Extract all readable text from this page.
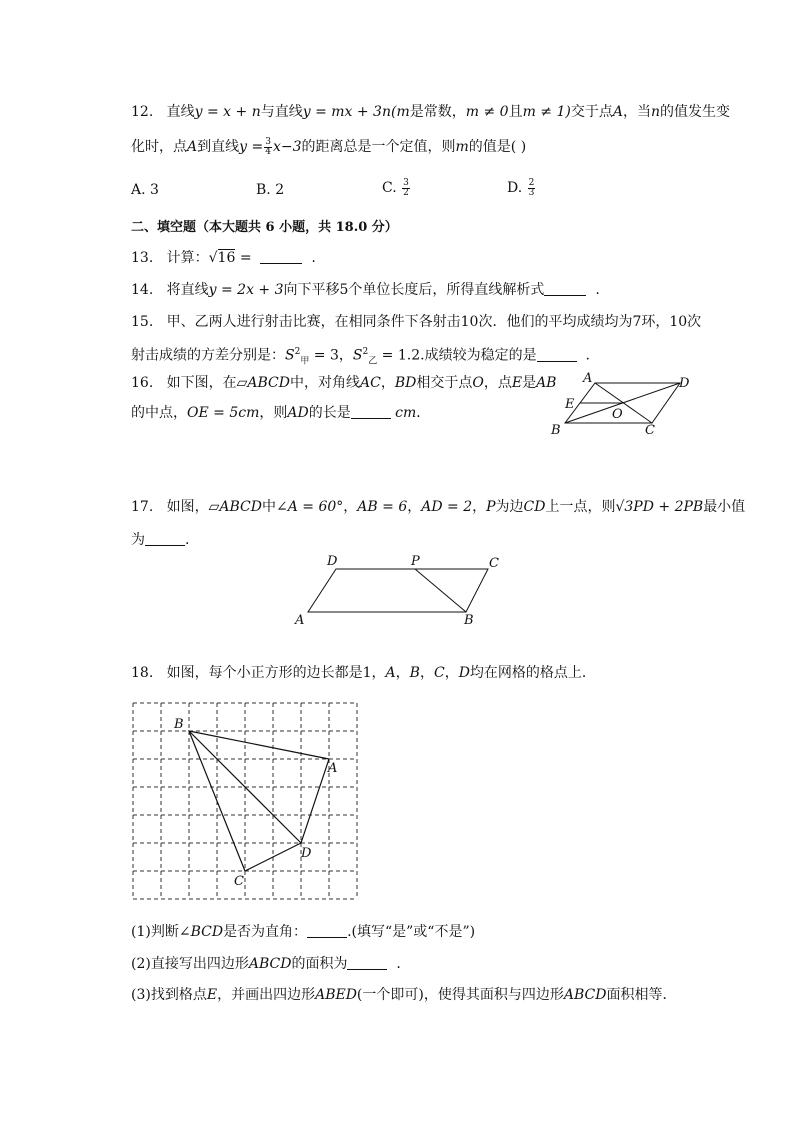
12. 直线y = x + n与直线y = mx + 3n(m是常数，m ≠ 0且m ≠ 1)交于点A，当n的值发生变
化时，点A到直线$y = \frac{3}{4} x-3$的距离总是一个定值，则m的值是( )
A. 3	B. 2	C. $\frac{3}{2}$	D. $\frac{2}{3}$
二、填空题（本大题共 6 小题，共 18.0 分）
13. 计算：√16 =	.
14. 将直线y = 2x + 3向下平移5个单位长度后，所得直线解析式	.
15. 甲、乙两人进行射击比赛，在相同条件下各射击10次．他们的平均成绩均为7环，10次
射击成绩的方差分别是：$S^2_甲 = 3$，$S^2_乙 = 1.2$.成绩较为稳定的是	.
16. 如下图，在▱ABCD中，对角线AC，BD相交于点O，点E是AB
的中点，OE = 5cm，则AD的长是	cm．
A	D
E
O
B	C
17. 如图，▱ABCD中∠A = 60°，AB = 6，AD = 2，P为边CD上一点，则√3PD + 2PB最小值
为	.
D	P	C
A	B
18. 如图，每个小正方形的边长都是1，A，B，C，D均在网格的格点上．
B
A
D
C
(1)判断∠BCD是否为直角：	.(填写“是”或“不是”)
(2)直接写出四边形ABCD的面积为	.
(3)找到格点E，并画出四边形ABED(一个即可)，使得其面积与四边形ABCD面积相等．
